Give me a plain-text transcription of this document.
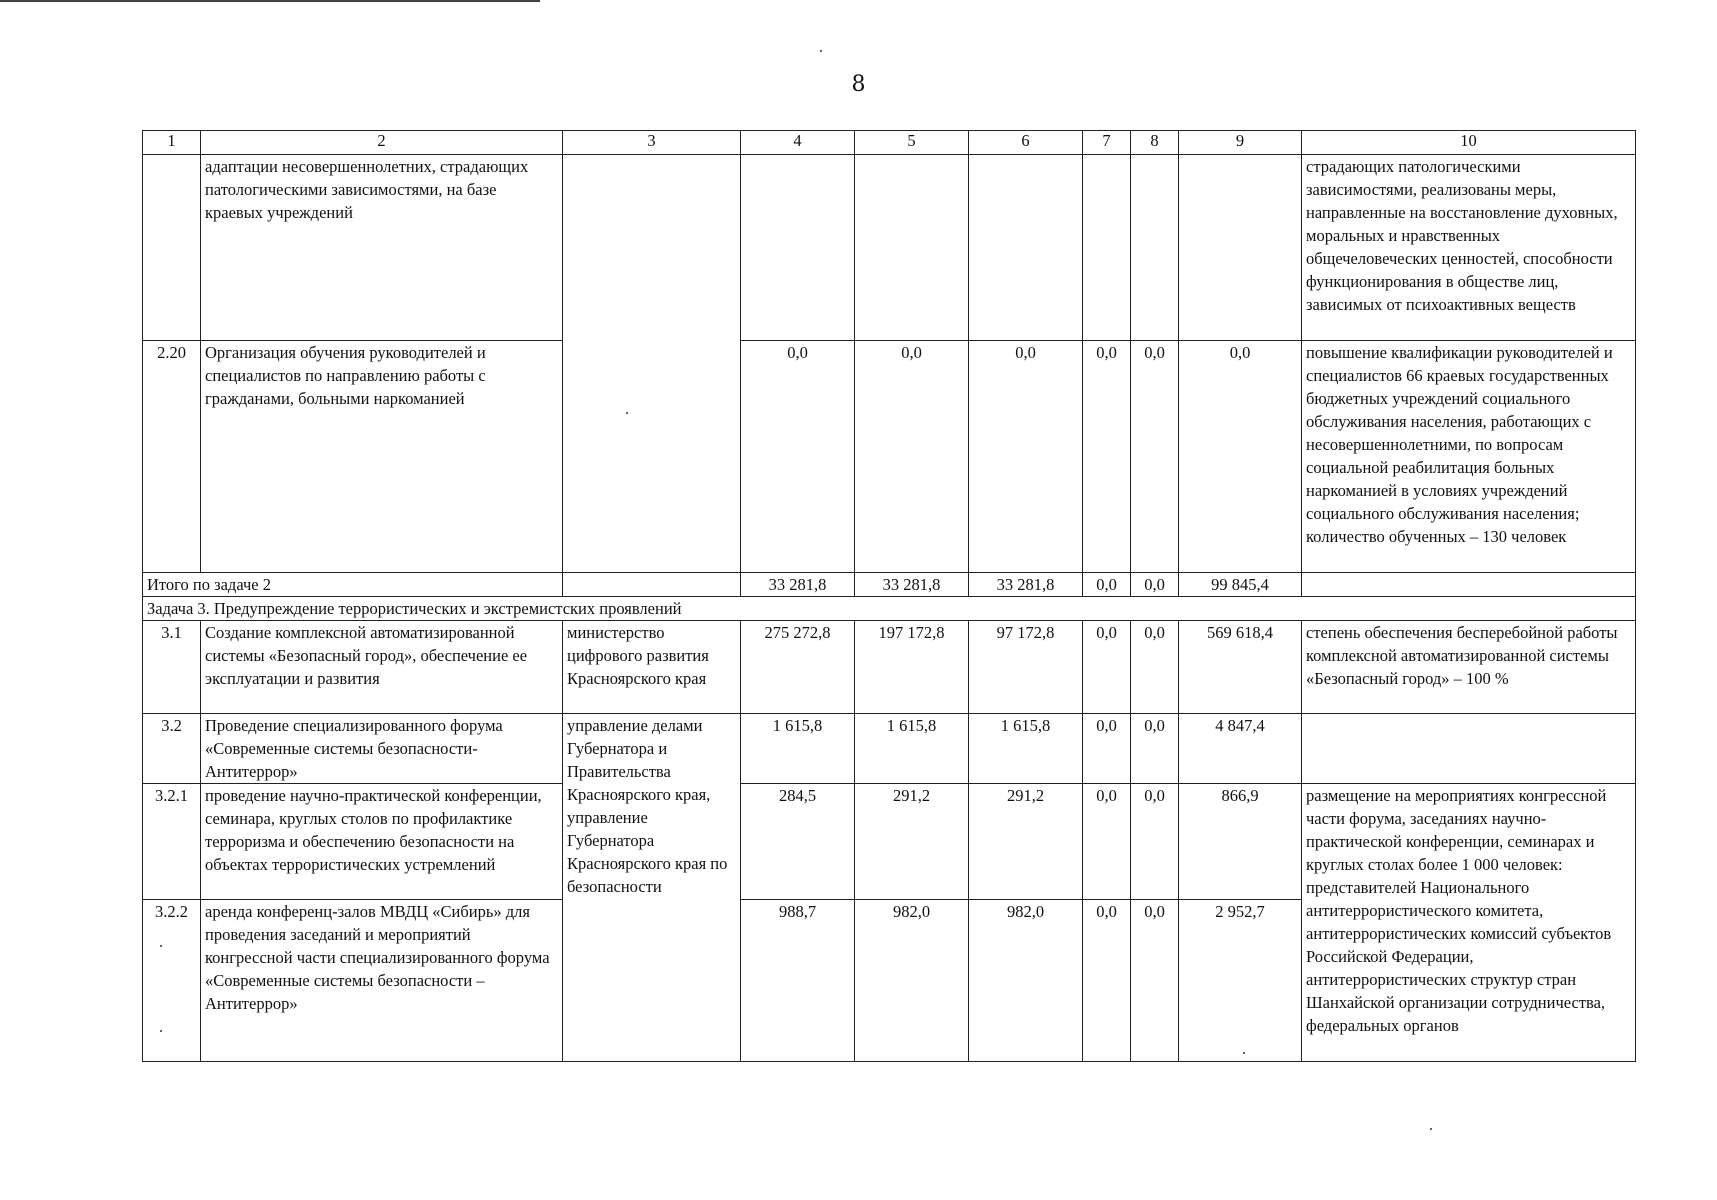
8
1	2	3	4	5	6	7	8	9	10
	адаптации несовершеннолетних, страдающих патологическими зависимостями, на базе краевых учреждений								страдающих патологическими зависимостями, реализованы меры, направленные на восстановление духовных, моральных и нравственных общечеловеческих ценностей, способности функционирования в обществе лиц, зависимых от психоактивных веществ
2.20	Организация обучения руководителей и специалистов по направлению работы с гражданами, больными наркоманией		0,0	0,0	0,0	0,0	0,0	0,0	повышение квалификации руководителей и специалистов 66 краевых государственных бюджетных учреждений социального обслуживания населения, работающих с несовершеннолетними, по вопросам социальной реабилитация больных наркоманией в условиях учреждений социального обслуживания населения; количество обученных – 130 человек
Итого по задаче 2			33 281,8	33 281,8	33 281,8	0,0	0,0	99 845,4	
Задача 3. Предупреждение террористических и экстремистских проявлений									
3.1	Создание комплексной автоматизированной системы «Безопасный город», обеспечение ее эксплуатации и развития	министерство цифрового развития Красноярского края	275 272,8	197 172,8	97 172,8	0,0	0,0	569 618,4	степень обеспечения бесперебойной работы комплексной автоматизированной системы «Безопасный город» – 100 %
3.2	Проведение специализированного форума «Современные системы безопасности-Антитеррор»	управление делами Губернатора и Правительства Красноярского края, управление Губернатора Красноярского края по безопасности	1 615,8	1 615,8	1 615,8	0,0	0,0	4 847,4	
3.2.1	проведение научно-практической конференции, семинара, круглых столов по профилактике терроризма и обеспечению безопасности на объектах террористических устремлений		284,5	291,2	291,2	0,0	0,0	866,9	размещение на мероприятиях конгрессной части форума, заседаниях научно-практической конференции, семинарах и круглых столах более 1 000 человек: представителей Национального антитеррористического комитета, антитеррористических комиссий субъектов Российской Федерации, антитеррористических структур стран Шанхайской организации сотрудничества, федеральных органов
3.2.2	аренда конференц-залов МВДЦ «Сибирь» для проведения заседаний и мероприятий конгрессной части специализированного форума «Современные системы безопасности – Антитеррор»		988,7	982,0	982,0	0,0	0,0	2 952,7	
